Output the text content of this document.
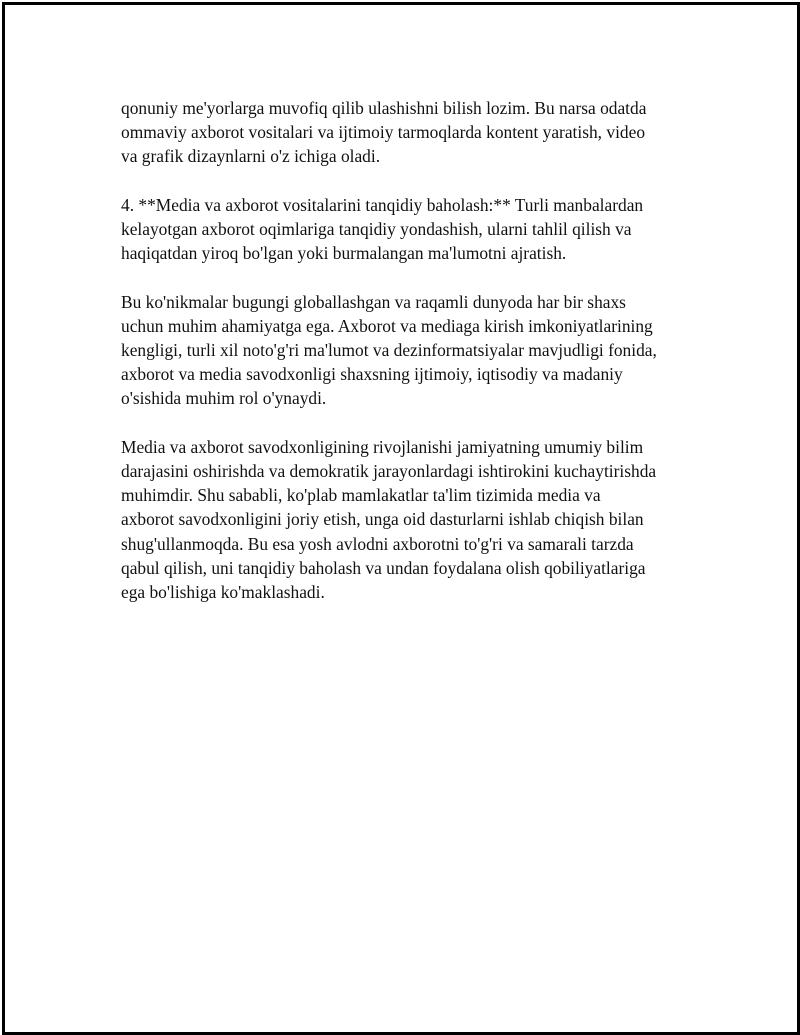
qonuniy me'yorlarga muvofiq qilib ulashishni bilish lozim. Bu narsa odatda
ommaviy axborot vositalari va ijtimoiy tarmoqlarda kontent yaratish, video
va grafik dizaynlarni o'z ichiga oladi.

4. **Media va axborot vositalarini tanqidiy baholash:** Turli manbalardan
kelayotgan axborot oqimlariga tanqidiy yondashish, ularni tahlil qilish va
haqiqatdan yiroq bo'lgan yoki burmalangan ma'lumotni ajratish.

Bu ko'nikmalar bugungi globallashgan va raqamli dunyoda har bir shaxs
uchun muhim ahamiyatga ega. Axborot va mediaga kirish imkoniyatlarining
kengligi, turli xil noto'g'ri ma'lumot va dezinformatsiyalar mavjudligi fonida,
axborot va media savodxonligi shaxsning ijtimoiy, iqtisodiy va madaniy
o'sishida muhim rol o'ynaydi.

Media va axborot savodxonligining rivojlanishi jamiyatning umumiy bilim
darajasini oshirishda va demokratik jarayonlardagi ishtirokini kuchaytirishda
muhimdir. Shu sababli, ko'plab mamlakatlar ta'lim tizimida media va
axborot savodxonligini joriy etish, unga oid dasturlarni ishlab chiqish bilan
shug'ullanmoqda. Bu esa yosh avlodni axborotni to'g'ri va samarali tarzda
qabul qilish, uni tanqidiy baholash va undan foydalana olish qobiliyatlariga
ega bo'lishiga ko'maklashadi.
